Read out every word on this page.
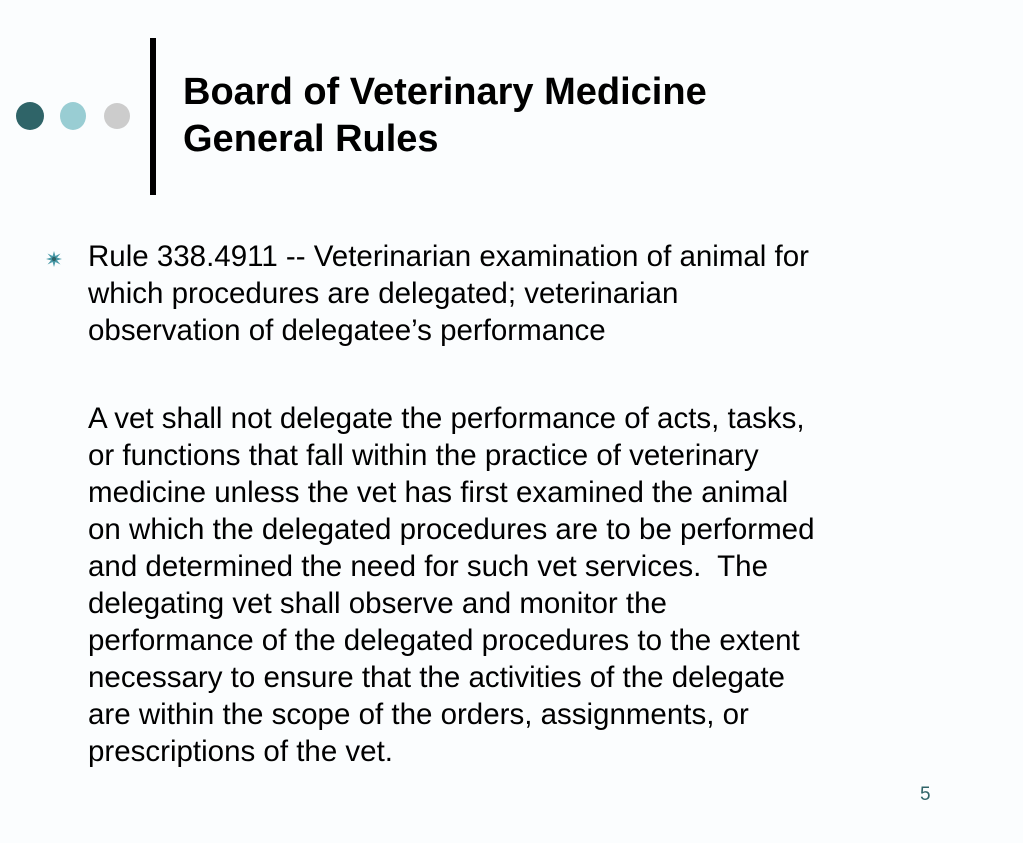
Board of Veterinary Medicine
General Rules
Rule 338.4911 -- Veterinarian examination of animal for
which procedures are delegated; veterinarian
observation of delegatee’s performance
A vet shall not delegate the performance of acts, tasks,
or functions that fall within the practice of veterinary
medicine unless the vet has first examined the animal
on which the delegated procedures are to be performed
and determined the need for such vet services.  The
delegating vet shall observe and monitor the
performance of the delegated procedures to the extent
necessary to ensure that the activities of the delegate
are within the scope of the orders, assignments, or
prescriptions of the vet.
5
